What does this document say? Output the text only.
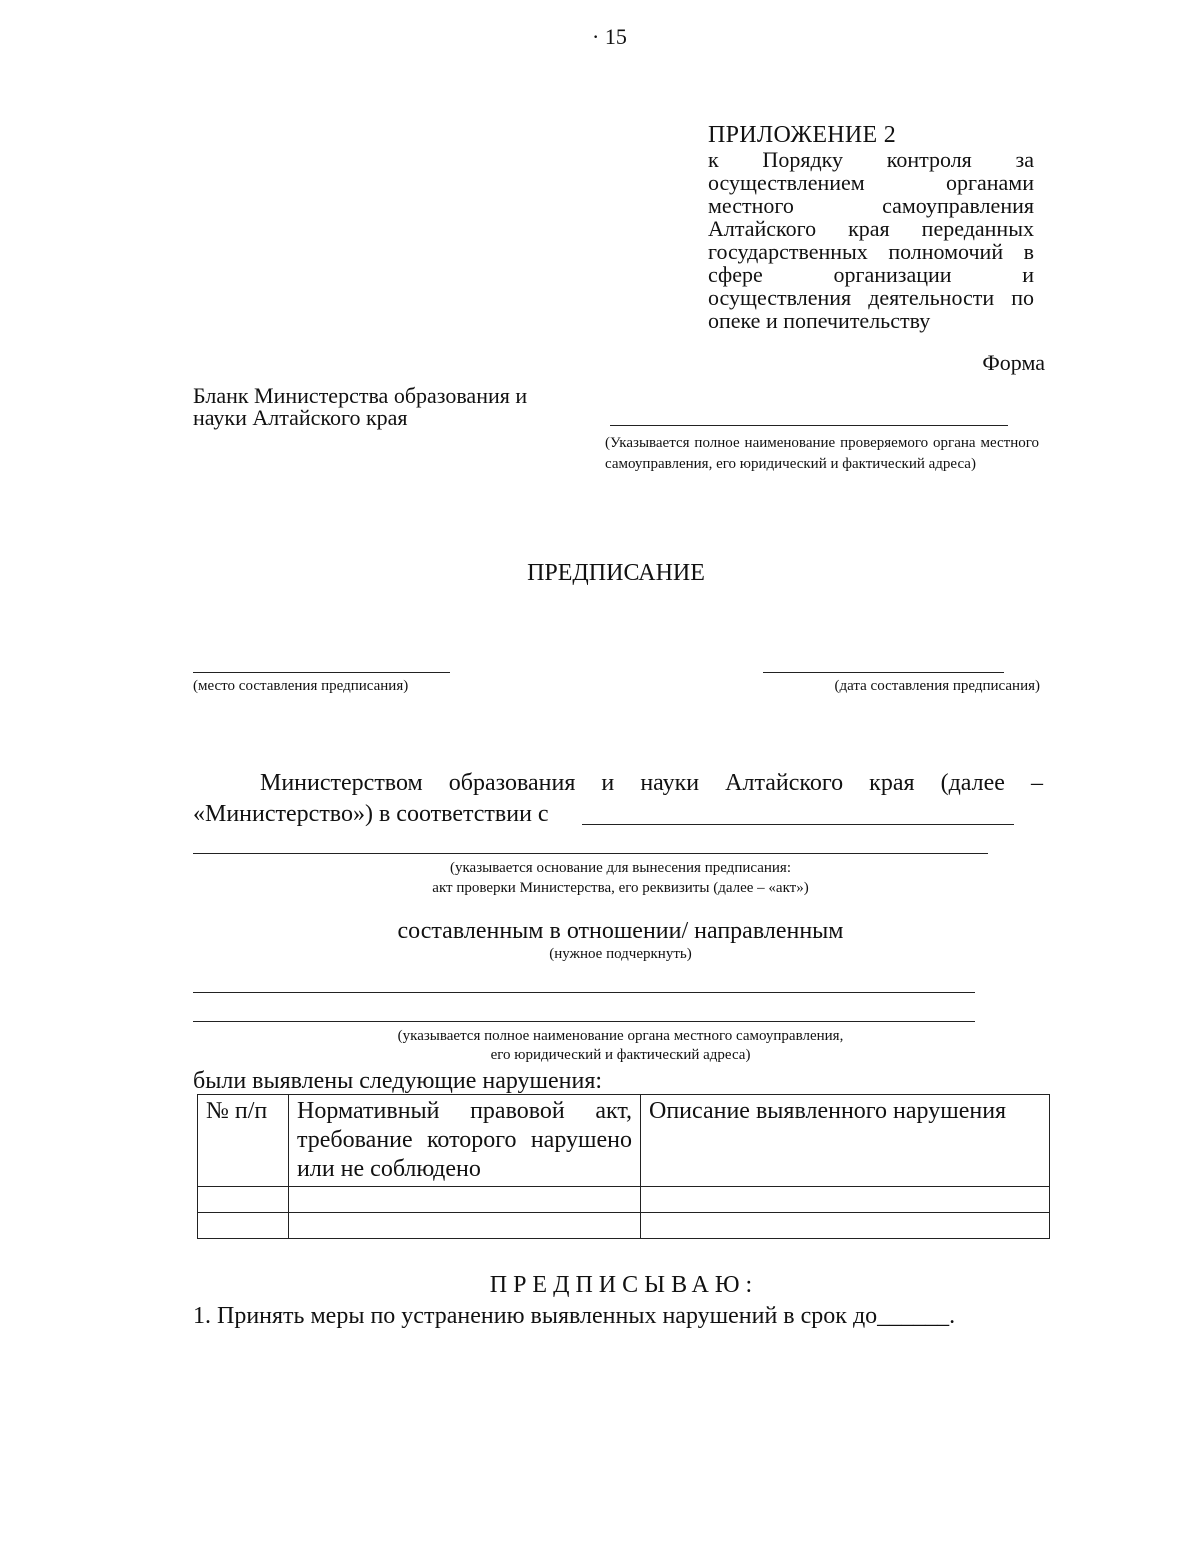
· 15
ПРИЛОЖЕНИЕ 2
к Порядку контроля за осуществлением органами местного самоуправления Алтайского края переданных государственных полномочий в сфере организации и осуществления деятельности по опеке и попечительству
Форма
Бланк Министерства образования и науки Алтайского края
(Указывается полное наименование проверяемого органа местного самоуправления, его юридический и фактический адреса)
ПРЕДПИСАНИЕ
(место составления предписания)	(дата составления предписания)
Министерством образования и науки Алтайского края (далее –
«Министерство») в соответствии с
(указывается основание для вынесения предписания:
акт проверки Министерства, его реквизиты (далее – «акт»)
составленным в отношении/ направленным
(нужное подчеркнуть)
(указывается полное наименование органа местного самоуправления,
его юридический и фактический адреса)
были выявлены следующие нарушения:
№ п/п	Нормативный правовой акт, требование которого нарушено или не соблюдено	Описание выявленного нарушения

ПРЕДПИСЫВАЮ:
1. Принять меры по устранению выявленных нарушений в срок до______.
